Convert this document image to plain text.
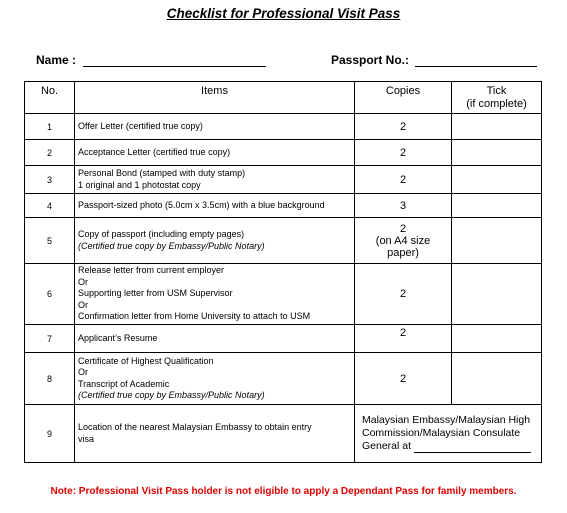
Checklist for Professional Visit Pass
Name :	Passport No.:
No.	Items	Copies	Tick
(if complete)
1	Offer Letter (certified true copy)	2	
2	Acceptance Letter (certified true copy)	2	
3	Personal Bond (stamped with duty stamp)
1 original and 1 photostat copy	2	
4	Passport-sized photo (5.0cm x 3.5cm) with a blue background	3	
5	Copy of passport (including empty pages)
(Certified true copy by Embassy/Public Notary)	2
(on A4 size
paper)	
6	Release letter from current employer
Or
Supporting letter from USM Supervisor
Or
Confirmation letter from Home University to attach to USM	2	
7	Applicant’s Resume	2	
8	Certificate of Highest Qualification
Or
Transcript of Academic
(Certified true copy by Embassy/Public Notary)	2	
9	Location of the nearest Malaysian Embassy to obtain entry
visa	Malaysian Embassy/Malaysian High
Commission/Malaysian Consulate
General at	
Note: Professional Visit Pass holder is not eligible to apply a Dependant Pass for family members.
